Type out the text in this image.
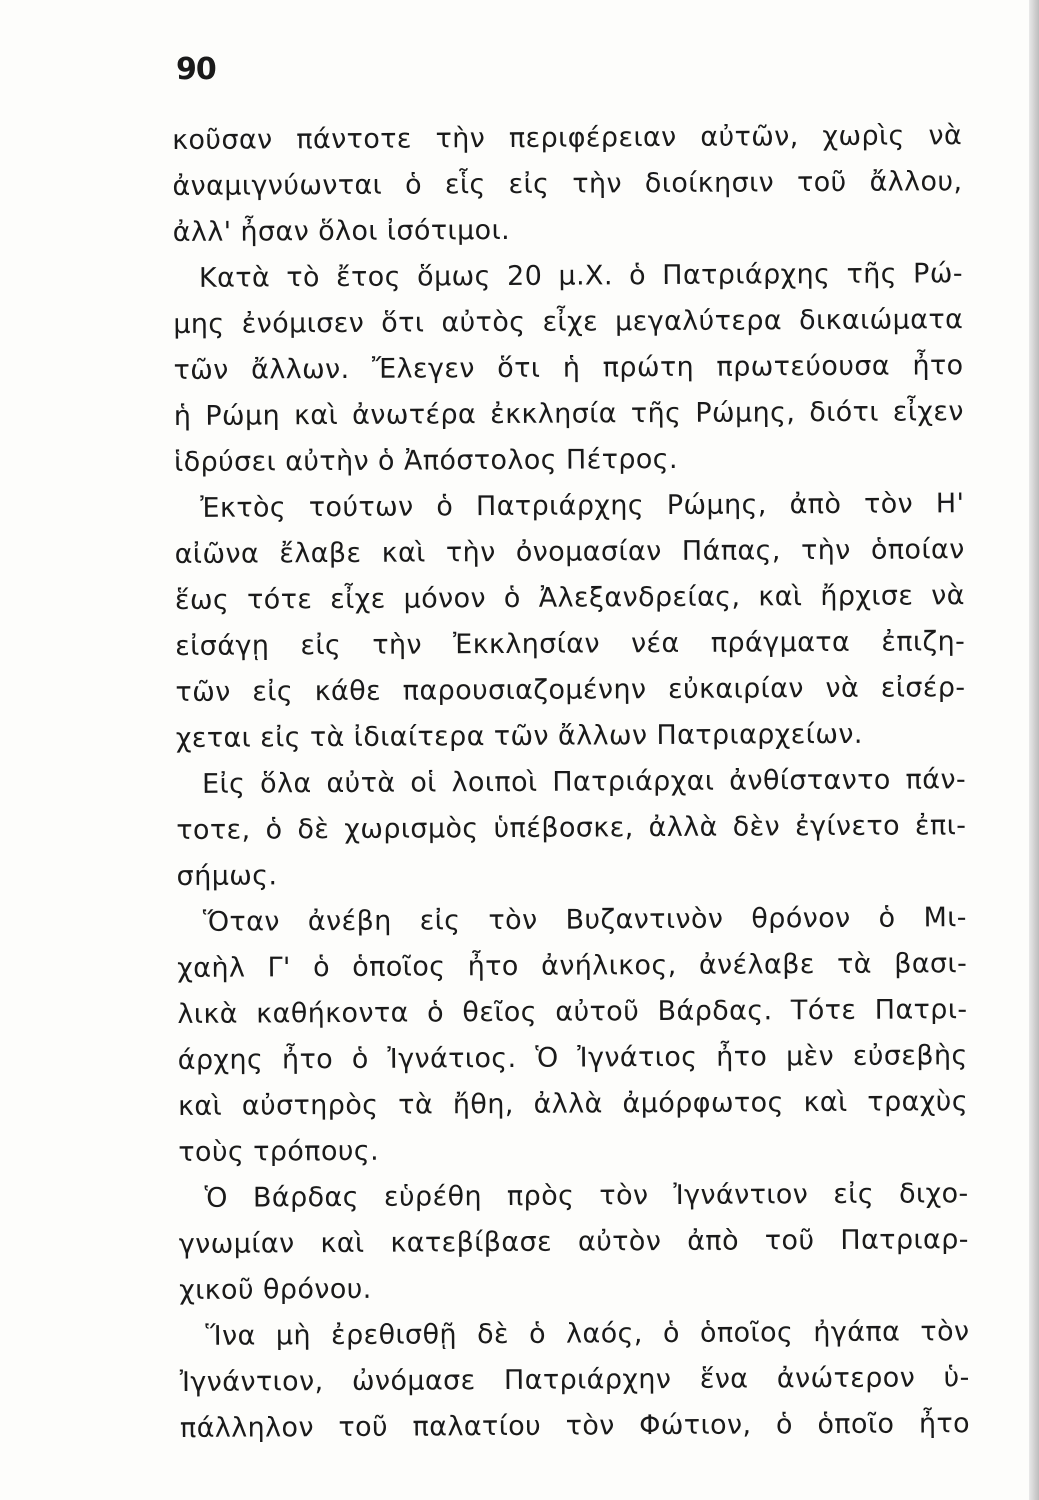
90
κοῦσαν πάντοτε τὴν περιφέρειαν αὐτῶν, χωρὶς νὰ
ἀναμιγνύωνται ὁ εἷς εἰς τὴν διοίκησιν τοῦ ἄλλου,
ἀλλ' ἦσαν ὅλοι ἰσότιμοι.
Κατὰ τὸ ἔτος ὅμως 20 μ.Χ. ὁ Πατριάρχης τῆς Ρώ-
μης ἐνόμισεν ὅτι αὐτὸς εἶχε μεγαλύτερα δικαιώματα
τῶν ἄλλων. Ἔλεγεν ὅτι ἡ πρώτη πρωτεύουσα ἦτο
ἡ Ρώμη καὶ ἀνωτέρα ἐκκλησία τῆς Ρώμης, διότι εἶχεν
ἱδρύσει αὐτὴν ὁ Ἀπόστολος Πέτρος.
Ἐκτὸς τούτων ὁ Πατριάρχης Ρώμης, ἀπὸ τὸν Η'
αἰῶνα ἔλαβε καὶ τὴν ὀνομασίαν Πάπας, τὴν ὁποίαν
ἕως τότε εἶχε μόνον ὁ Ἀλεξανδρείας, καὶ ἤρχισε νὰ
εἰσάγῃ εἰς τὴν Ἐκκλησίαν νέα πράγματα ἐπιζη-
τῶν εἰς κάθε παρουσιαζομένην εὐκαιρίαν νὰ εἰσέρ-
χεται εἰς τὰ ἰδιαίτερα τῶν ἄλλων Πατριαρχείων.
Εἰς ὅλα αὐτὰ οἱ λοιποὶ Πατριάρχαι ἀνθίσταντο πάν-
τοτε, ὁ δὲ χωρισμὸς ὑπέβοσκε, ἀλλὰ δὲν ἐγίνετο ἐπι-
σήμως.
Ὅταν ἀνέβη εἰς τὸν Βυζαντινὸν θρόνον ὁ Μι-
χαὴλ Γ' ὁ ὁποῖος ἦτο ἀνήλικος, ἀνέλαβε τὰ βασι-
λικὰ καθήκοντα ὁ θεῖος αὐτοῦ Βάρδας. Τότε Πατρι-
άρχης ἦτο ὁ Ἰγνάτιος. Ὁ Ἰγνάτιος ἦτο μὲν εὐσεβὴς
καὶ αὐστηρὸς τὰ ἤθη, ἀλλὰ ἀμόρφωτος καὶ τραχὺς
τοὺς τρόπους.
Ὁ Βάρδας εὑρέθη πρὸς τὸν Ἰγνάντιον εἰς διχο-
γνωμίαν καὶ κατεβίβασε αὐτὸν ἀπὸ τοῦ Πατριαρ-
χικοῦ θρόνου.
Ἵνα μὴ ἐρεθισθῇ δὲ ὁ λαός, ὁ ὁποῖος ἠγάπα τὸν
Ἰγνάντιον, ὠνόμασε Πατριάρχην ἕνα ἀνώτερον ὑ-
πάλληλον τοῦ παλατίου τὸν Φώτιον, ὁ ὁποῖο ἦτο
